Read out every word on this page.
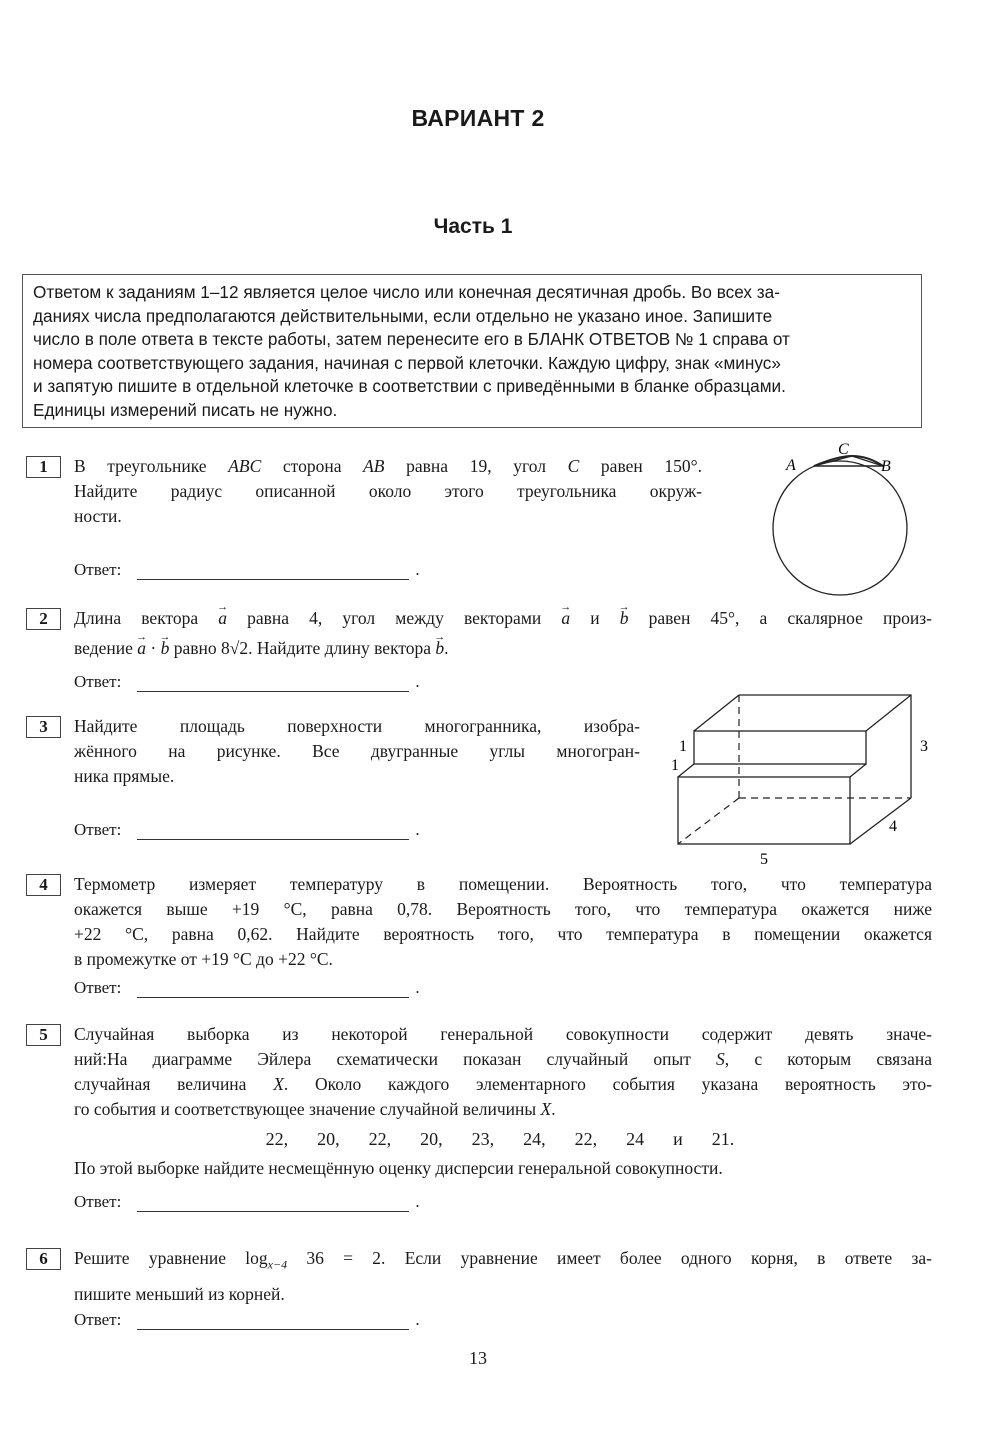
ВАРИАНТ 2
Часть 1

Ответом к заданиям 1–12 является целое число или конечная десятичная дробь. Во всех за-

даниях числа предполагаются действительными, если отдельно не указано иное. Запишите

число в поле ответа в тексте работы, затем перенесите его в БЛАНК ОТВЕТОВ № 1 справа от

номера соответствующего задания, начиная с первой клеточки. Каждую цифру, знак «минус»

и запятую пишите в отдельной клеточке в соответствии с приведёнными в бланке образцами.

Единицы измерений писать не нужно.

1	В треугольнике ABC сторона AB равна 19, угол C равен 150°.
Найдите радиус описанной около этого треугольника окруж-
ности.
Ответ:	.
A
C
B
2	Длина вектора → a равна 4, угол между векторами → a и → b равен 45°, а скалярное произ-
ведение → a · → b равно 8√2. Найдите длину вектора → b.
Ответ:	.
3	Найдите площадь поверхности многогранника, изобра-
жённого на рисунке. Все двугранные углы многогран-
ника прямые.
Ответ:	.
1
1
3
4
5
4	Термометр измеряет температуру в помещении. Вероятность того, что температура
окажется выше +19 °C, равна 0,78. Вероятность того, что температура окажется ниже
+22 °C, равна 0,62. Найдите вероятность того, что температура в помещении окажется
в промежутке от +19 °C до +22 °C.
Ответ:	.
5	Случайная выборка из некоторой генеральной совокупности содержит девять значе-
ний:На диаграмме Эйлера схематически показан случайный опыт S, с которым связана
случайная величина X. Около каждого элементарного события указана вероятность это-
го события и соответствующее значение случайной величины X.
22,  20,  22,  20,  23,  24,  22,  24  и  21.
По этой выборке найдите несмещённую оценку дисперсии генеральной совокупности.
Ответ:	.
6	Решите уравнение $\log_{x-4} 36 = 2$. Если уравнение имеет более одного корня, в ответе за-
пишите меньший из корней.
Ответ:	.
13
